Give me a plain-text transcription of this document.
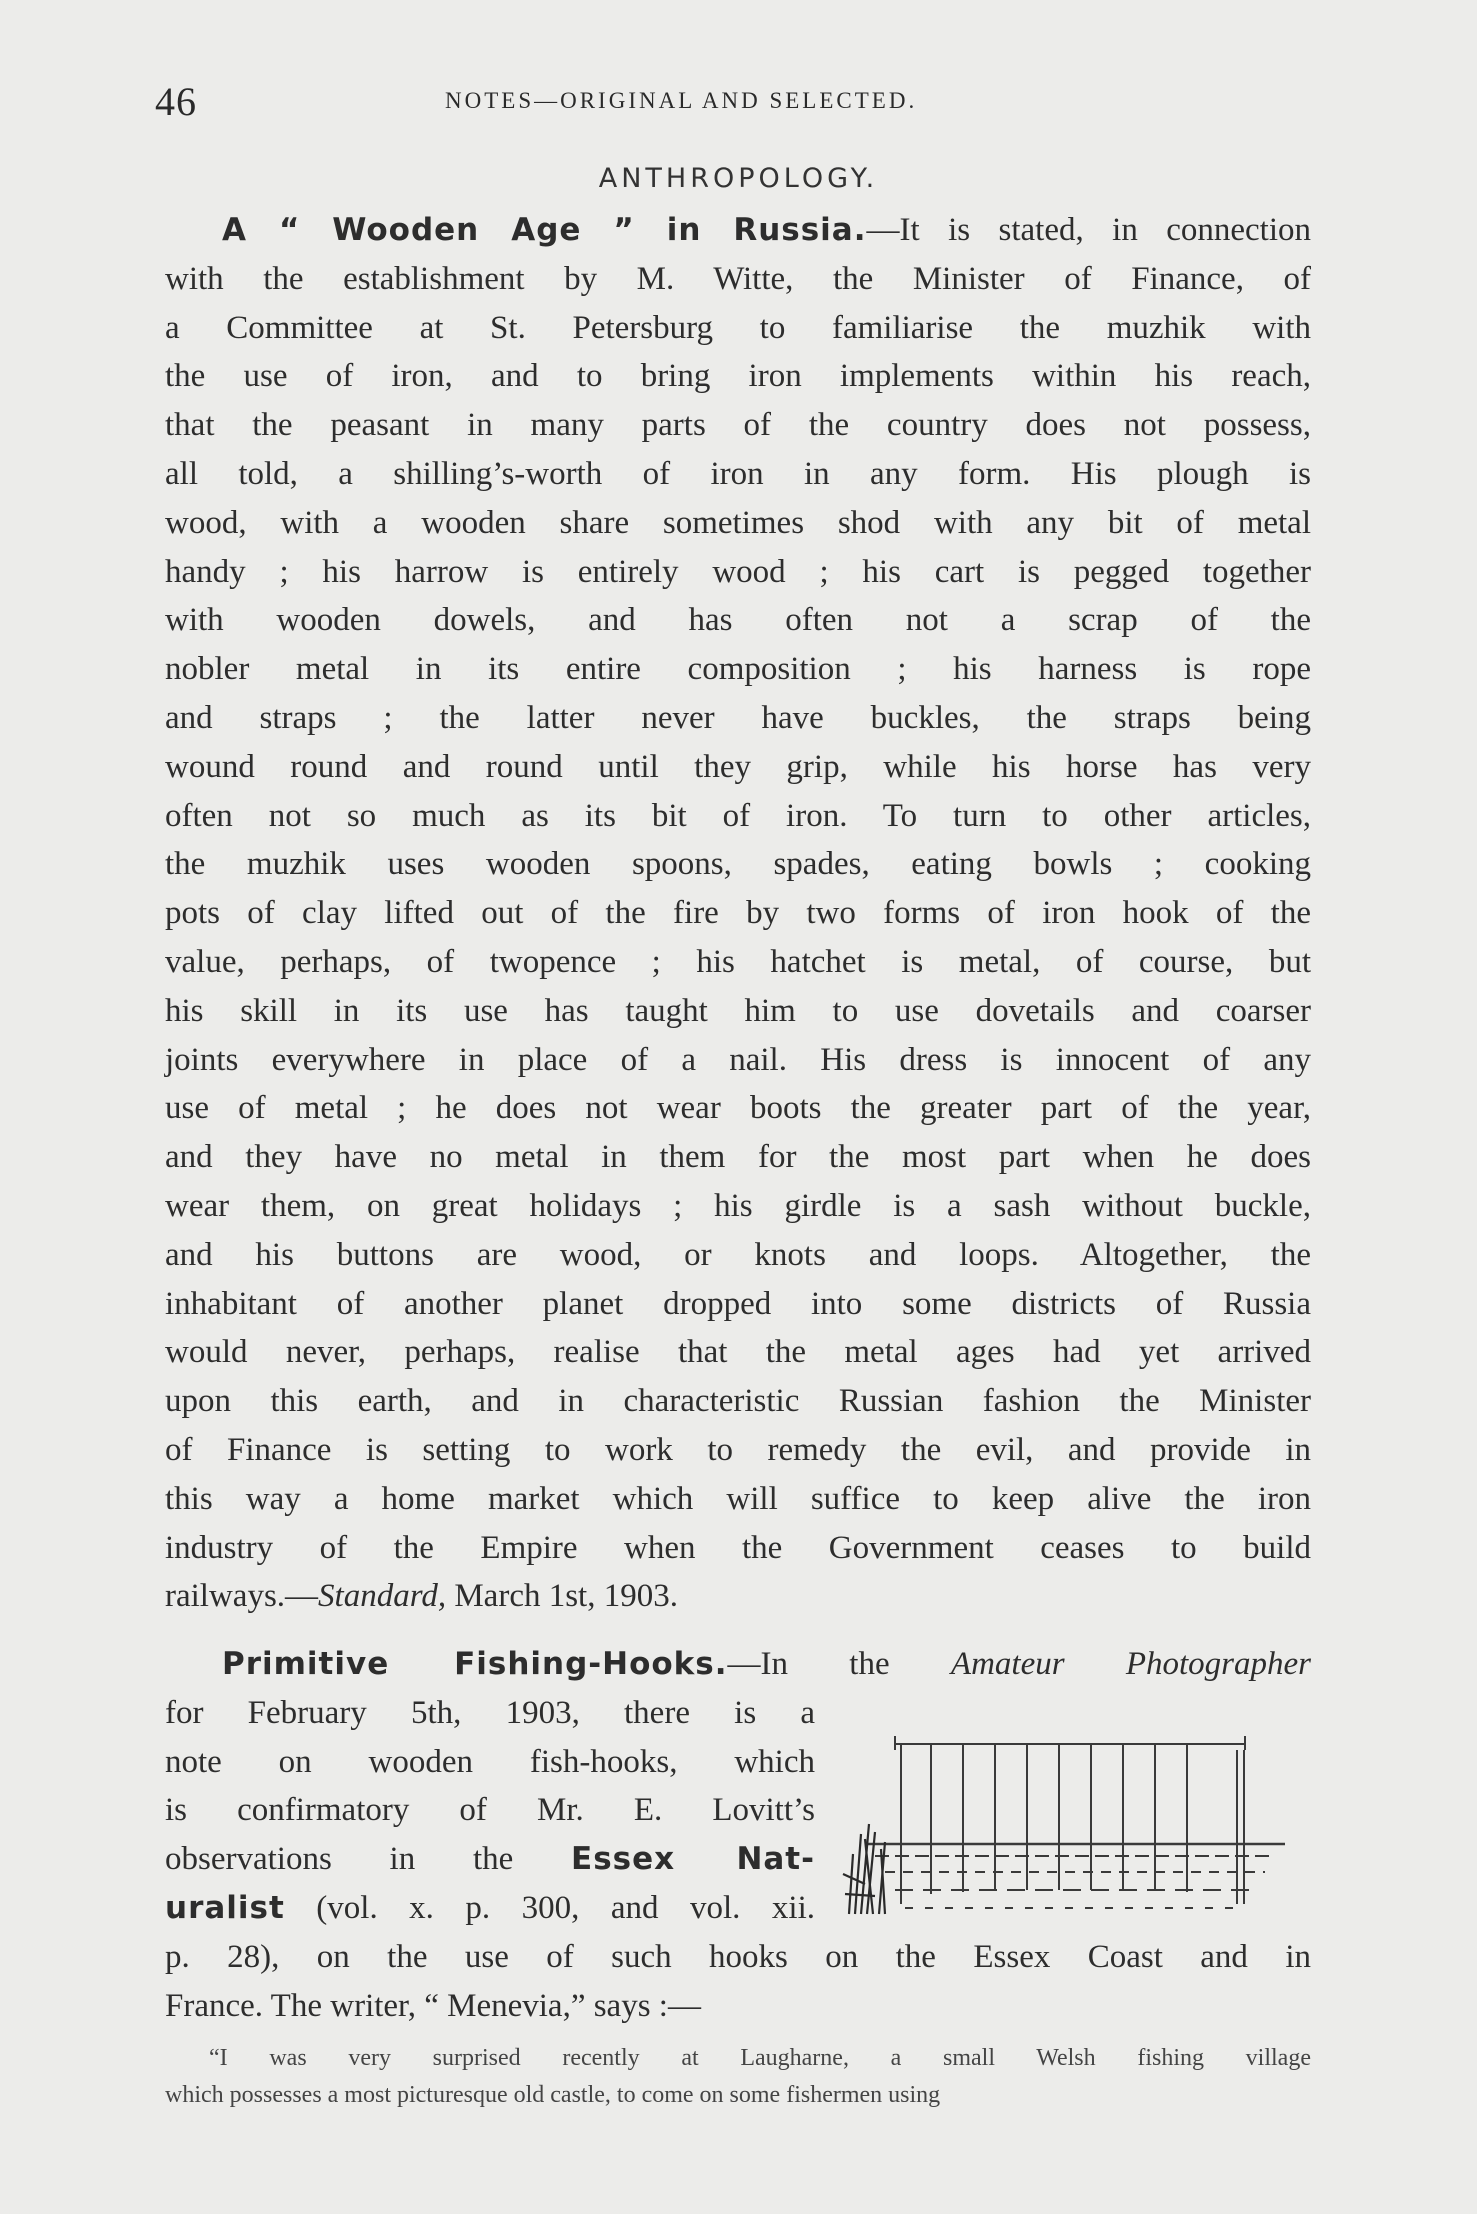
46	NOTES—ORIGINAL AND SELECTED.
ANTHROPOLOGY.
A “ Wooden Age ” in Russia.—It is stated, in connection
with the establishment by M. Witte, the Minister of Finance, of
a Committee at St. Petersburg to familiarise the muzhik with
the use of iron, and to bring iron implements within his reach,
that the peasant in many parts of the country does not possess,
all told, a shilling’s-worth of iron in any form. His plough is
wood, with a wooden share sometimes shod with any bit of metal
handy ; his harrow is entirely wood ; his cart is pegged together
with wooden dowels, and has often not a scrap of the
nobler metal in its entire composition ; his harness is rope
and straps ; the latter never have buckles, the straps being
wound round and round until they grip, while his horse has very
often not so much as its bit of iron. To turn to other articles,
the muzhik uses wooden spoons, spades, eating bowls ; cooking
pots of clay lifted out of the fire by two forms of iron hook of the
value, perhaps, of twopence ; his hatchet is metal, of course, but
his skill in its use has taught him to use dovetails and coarser
joints everywhere in place of a nail. His dress is innocent of any
use of metal ; he does not wear boots the greater part of the year,
and they have no metal in them for the most part when he does
wear them, on great holidays ; his girdle is a sash without buckle,
and his buttons are wood, or knots and loops. Altogether, the
inhabitant of another planet dropped into some districts of Russia
would never, perhaps, realise that the metal ages had yet arrived
upon this earth, and in characteristic Russian fashion the Minister
of Finance is setting to work to remedy the evil, and provide in
this way a home market which will suffice to keep alive the iron
industry of the Empire when the Government ceases to build
railways.—Standard, March 1st, 1903.
Primitive Fishing-Hooks.—In the Amateur Photographer
for February 5th, 1903, there is a
note on wooden fish-hooks, which
is confirmatory of Mr. E. Lovitt’s
observations in the Essex Nat-
uralist (vol. x. p. 300, and vol. xii.
p. 28), on the use of such hooks on the Essex Coast and in
France. The writer, “ Menevia,” says :—
“I was very surprised recently at Laugharne, a small Welsh fishing village
which possesses a most picturesque old castle, to come on some fishermen using
